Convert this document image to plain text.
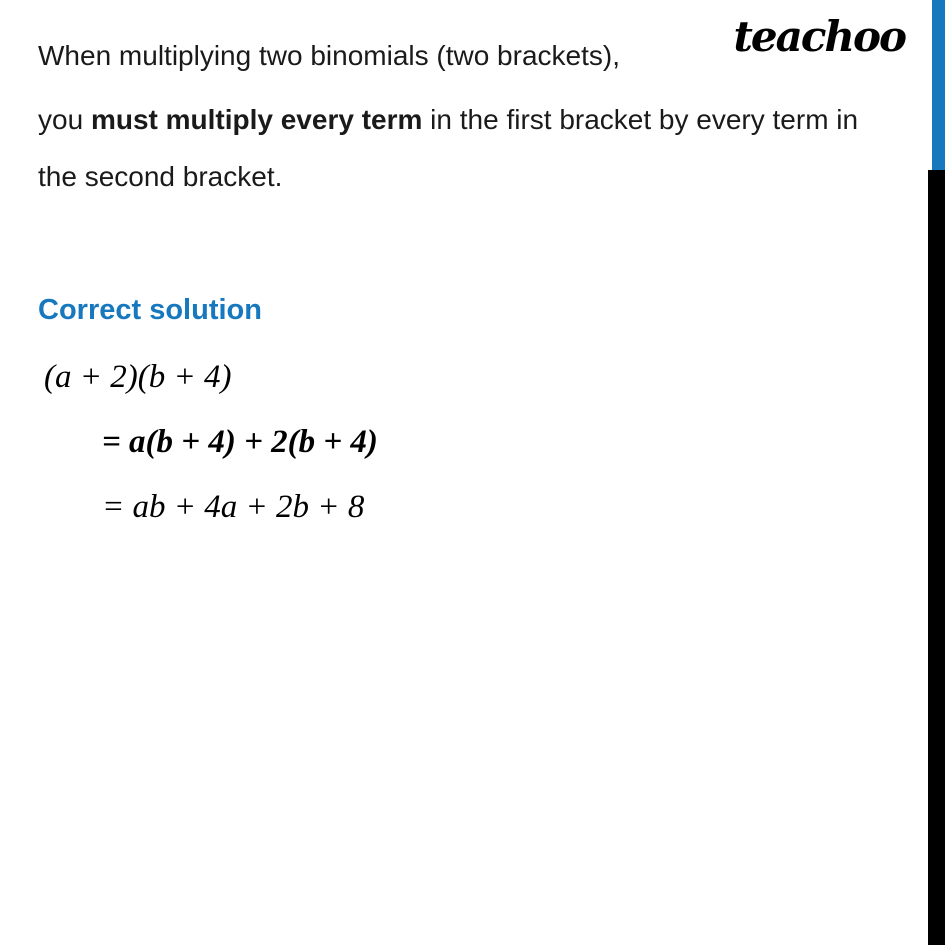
teachoo

When multiplying two binomials (two brackets),

you must multiply every term in the first bracket by every term in

the second bracket.

Correct solution
(a + 2)(b + 4)
= a(b + 4) + 2(b + 4)
= ab + 4a + 2b + 8
